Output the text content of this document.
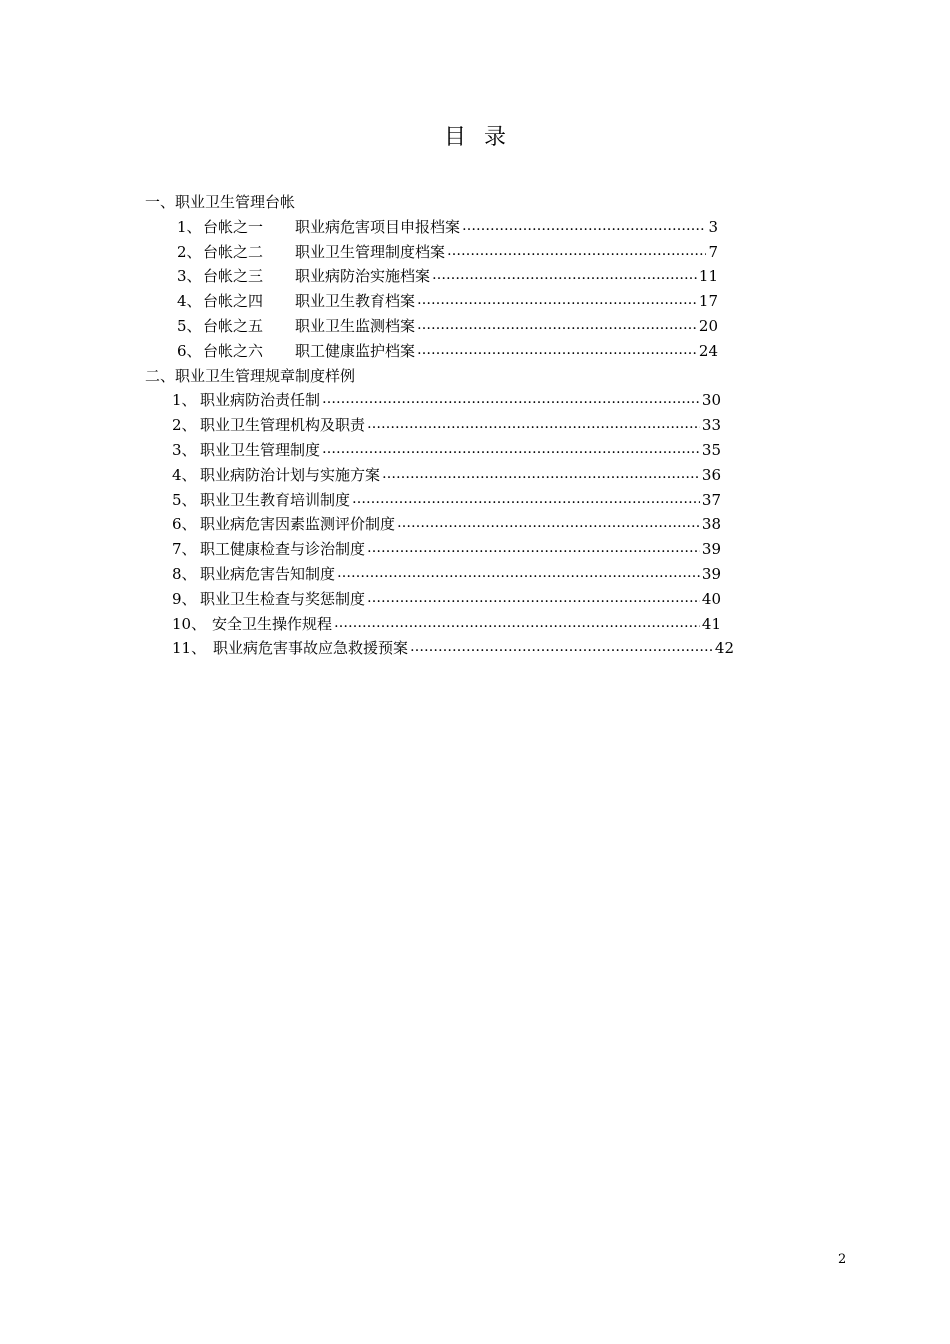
目录
一、职业卫生管理台帐
1、 台帐之一	职业病危害项目申报档案 …………………………………………………………………………………………………………………………………………………………………………	3
2、 台帐之二	职业卫生管理制度档案 …………………………………………………………………………………………………………………………………………………………………………	7
3、 台帐之三	职业病防治实施档案 …………………………………………………………………………………………………………………………………………………………………………	11
4、 台帐之四	职业卫生教育档案 …………………………………………………………………………………………………………………………………………………………………………	17
5、 台帐之五	职业卫生监测档案 …………………………………………………………………………………………………………………………………………………………………………	20
6、 台帐之六	职工健康监护档案 …………………………………………………………………………………………………………………………………………………………………………	24
二、职业卫生管理规章制度样例
1、 职业病防治责任制 …………………………………………………………………………………………………………………………………………………………………………	30
2、 职业卫生管理机构及职责 …………………………………………………………………………………………………………………………………………………………………………	33
3、 职业卫生管理制度 …………………………………………………………………………………………………………………………………………………………………………	35
4、 职业病防治计划与实施方案 …………………………………………………………………………………………………………………………………………………………………………	36
5、 职业卫生教育培训制度 …………………………………………………………………………………………………………………………………………………………………………	37
6、 职业病危害因素监测评价制度 …………………………………………………………………………………………………………………………………………………………………………	38
7、 职工健康检查与诊治制度 …………………………………………………………………………………………………………………………………………………………………………	39
8、 职业病危害告知制度 …………………………………………………………………………………………………………………………………………………………………………	39
9、 职业卫生检查与奖惩制度 …………………………………………………………………………………………………………………………………………………………………………	40
10、 安全卫生操作规程 …………………………………………………………………………………………………………………………………………………………………………	41
11、 职业病危害事故应急救援预案 …………………………………………………………………………………………………………………………………………………………………………	42
2
